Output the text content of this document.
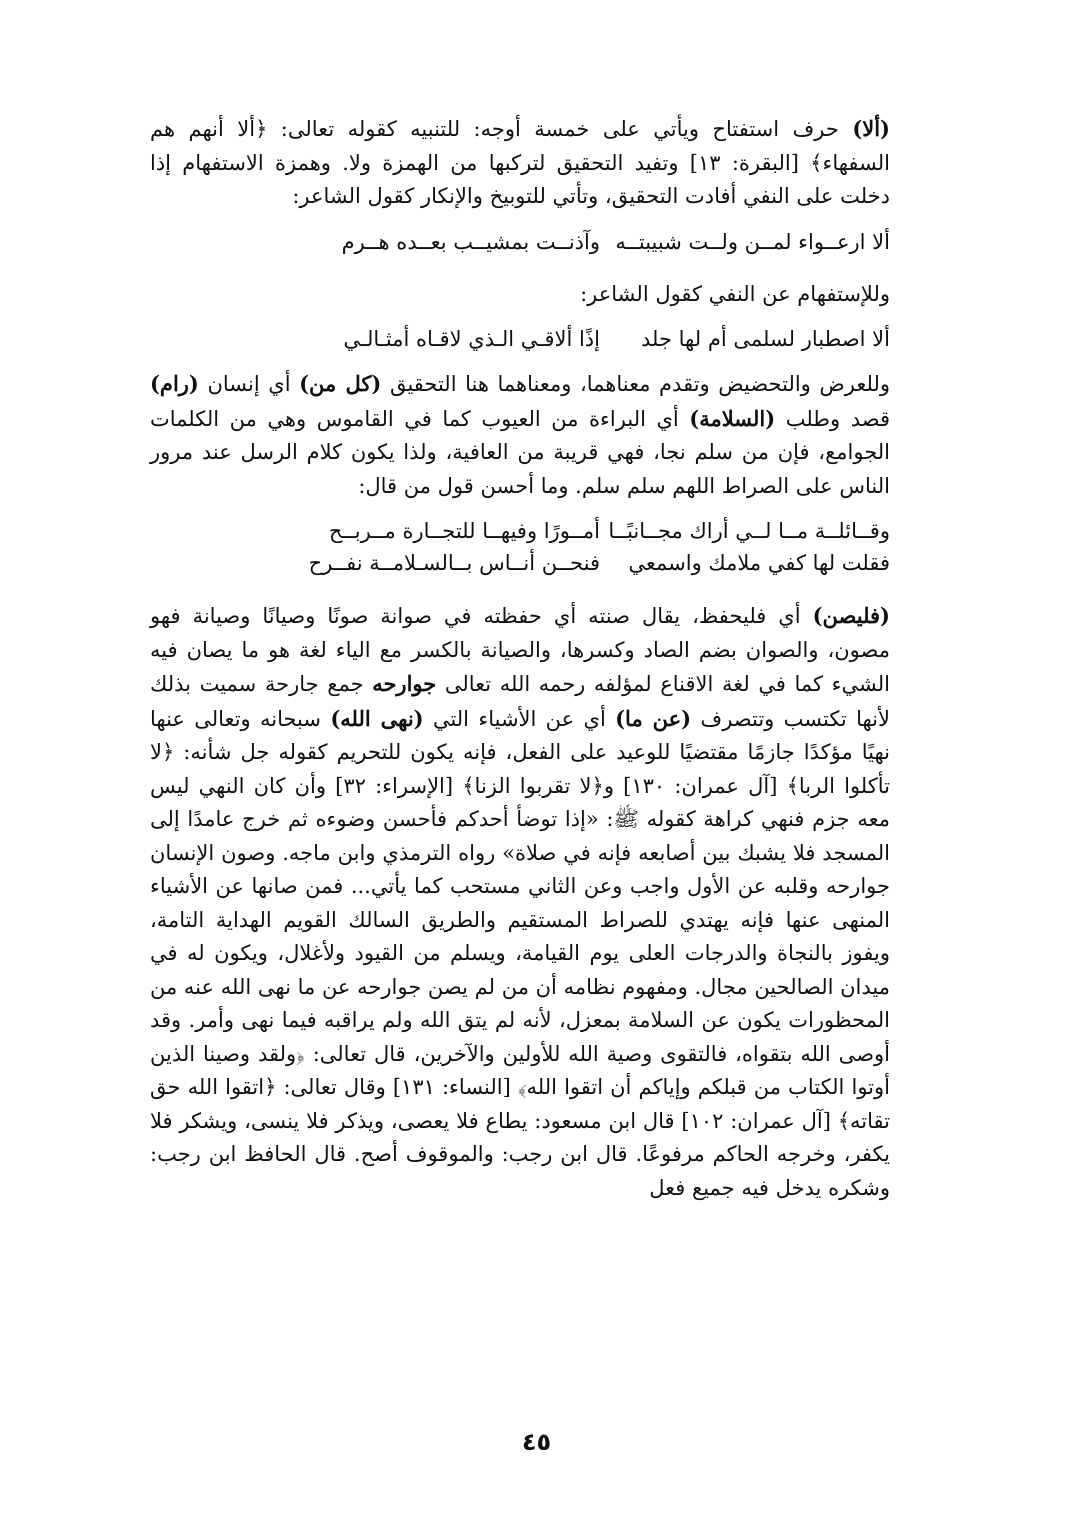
(ألا) حرف استفتاح ويأتي على خمسة أوجه: للتنبيه كقوله تعالى: ﴿ألا أنهم هم السفهاء﴾ [البقرة: ١٣] وتفيد التحقيق لتركبها من الهمزة ولا. وهمزة الاستفهام إذا دخلت على النفي أفادت التحقيق، وتأتي للتوبيخ والإنكار كقول الشاعر:

ألا ارعــواء لمــن ولــت شبيبتــه
وآذنــت بمشيــب بعــده هــرم

وللإستفهام عن النفي كقول الشاعر:

ألا اصطبار لسلمى أم لها جلد
إذًا ألاقـي الـذي لاقـاه أمثـالـي

وللعرض والتحضيض وتقدم معناهما، ومعناهما هنا التحقيق (كل من) أي إنسان (رام) قصد وطلب (السلامة) أي البراءة من العيوب كما في القاموس وهي من الكلمات الجوامع، فإن من سلم نجا، فهي قريبة من العافية، ولذا يكون كلام الرسل عند مرور الناس على الصراط اللهم سلم سلم. وما أحسن قول من قال:

وقــائلــة مــا لــي أراك مجــانبًــا
أمــورًا وفيهــا للتجــارة مــربــح
فقلت لها كفي ملامك واسمعي
فنحــن أنــاس بــالسـلامــة نفــرح

(فليصن) أي فليحفظ، يقال صنته أي حفظته في صوانة صونًا وصيانًا وصيانة فهو مصون، والصوان بضم الصاد وكسرها، والصيانة بالكسر مع الياء لغة هو ما يصان فيه الشيء كما في لغة الاقناع لمؤلفه رحمه الله تعالى جوارحه جمع جارحة سميت بذلك لأنها تكتسب وتتصرف (عن ما) أي عن الأشياء التي (نهى الله) سبحانه وتعالى عنها نهيًا مؤكدًا جازمًا مقتضيًا للوعيد على الفعل، فإنه يكون للتحريم كقوله جل شأنه: ﴿لا تأكلوا الربا﴾ [آل عمران: ١٣٠] و﴿لا تقربوا الزنا﴾ [الإسراء: ٣٢] وأن كان النهي ليس معه جزم فنهي كراهة كقوله ﷺ: «إذا توضأ أحدكم فأحسن وضوءه ثم خرج عامدًا إلى المسجد فلا يشبك بين أصابعه فإنه في صلاة» رواه الترمذي وابن ماجه. وصون الإنسان جوارحه وقلبه عن الأول واجب وعن الثاني مستحب كما يأتي... فمن صانها عن الأشياء المنهى عنها فإنه يهتدي للصراط المستقيم والطريق السالك القويم الهداية التامة، ويفوز بالنجاة والدرجات العلى يوم القيامة، ويسلم من القيود ولأغلال، ويكون له في ميدان الصالحين مجال. ومفهوم نظامه أن من لم يصن جوارحه عن ما نهى الله عنه من المحظورات يكون عن السلامة بمعزل، لأنه لم يتق الله ولم يراقبه فيما نهى وأمر. وقد أوصى الله بتقواه، فالتقوى وصية الله للأولين والآخرين، قال تعالى: ﴿ولقد وصينا الذين أوتوا الكتاب من قبلكم وإياكم أن اتقوا الله﴾ [النساء: ١٣١] وقال تعالى: ﴿اتقوا الله حق تقاته﴾ [آل عمران: ١٠٢] قال ابن مسعود: يطاع فلا يعصى، ويذكر فلا ينسى، ويشكر فلا يكفر، وخرجه الحاكم مرفوعًا. قال ابن رجب: والموقوف أصح. قال الحافظ ابن رجب: وشكره يدخل فيه جميع فعل

٤٥
